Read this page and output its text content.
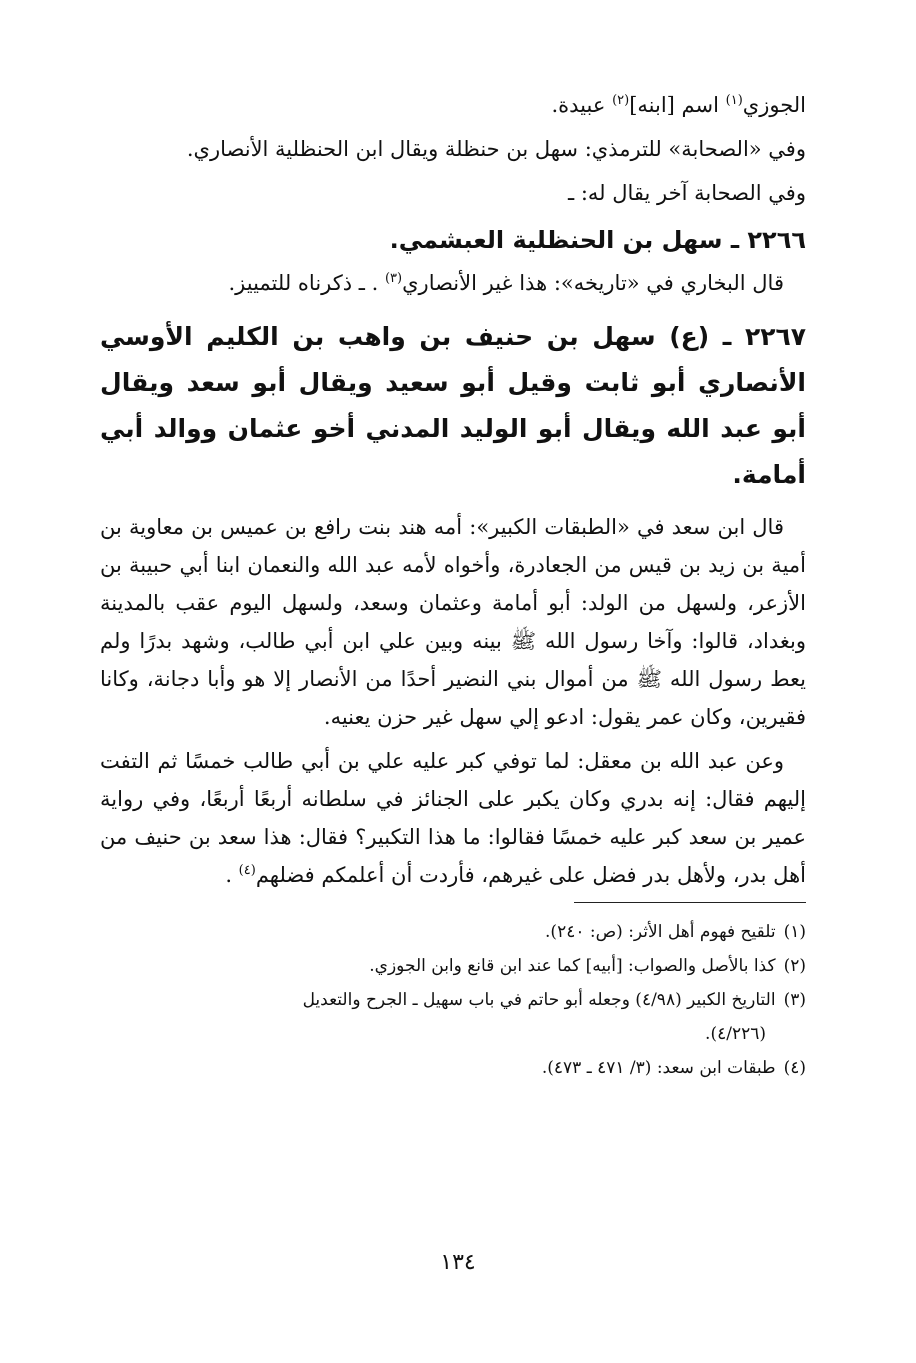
الجوزي$^{(١)}$ اسم [ابنه]$^{(٢)}$ عبيدة.

وفي «الصحابة» للترمذي: سهل بن حنظلة ويقال ابن الحنظلية الأنصاري.

وفي الصحابة آخر يقال له: ـ

٢٢٦٦ ـ سهل بن الحنظلية العبشمي.

قال البخاري في «تاريخه»: هذا غير الأنصاري$^{(٣)}$ . ـ ذكرناه للتمييز.

٢٢٦٧ ـ (ع) سهل بن حنيف بن واهب بن الكليم الأوسي الأنصاري أبو ثابت وقيل أبو سعيد ويقال أبو سعد ويقال أبو عبد الله ويقال أبو الوليد المدني أخو عثمان ووالد أبي أمامة.

قال ابن سعد في «الطبقات الكبير»: أمه هند بنت رافع بن عميس بن معاوية بن أمية بن زيد بن قيس من الجعادرة، وأخواه لأمه عبد الله والنعمان ابنا أبي حبيبة بن الأزعر، ولسهل من الولد: أبو أمامة وعثمان وسعد، ولسهل اليوم عقب بالمدينة وبغداد، قالوا: وآخا رسول الله ﷺ بينه وبين علي ابن أبي طالب، وشهد بدرًا ولم يعط رسول الله ﷺ من أموال بني النضير أحدًا من الأنصار إلا هو وأبا دجانة، وكانا فقيرين، وكان عمر يقول: ادعو إلي سهل غير حزن يعنيه.

وعن عبد الله بن معقل: لما توفي كبر عليه علي بن أبي طالب خمسًا ثم التفت إليهم فقال: إنه بدري وكان يكبر على الجنائز في سلطانه أربعًا أربعًا، وفي رواية عمير بن سعد كبر عليه خمسًا فقالوا: ما هذا التكبير؟ فقال: هذا سعد بن حنيف من أهل بدر، ولأهل بدر فضل على غيرهم، فأردت أن أعلمكم فضلهم$^{(٤)}$ .

(١)تلقيح فهوم أهل الأثر: (ص: ٢٤٠).

(٢)كذا بالأصل والصواب: [أبيه] كما عند ابن قانع وابن الجوزي.

(٣)التاريخ الكبير (٤/٩٨) وجعله أبو حاتم في باب سهيل ـ الجرح والتعديل

(٤/٢٢٦).

(٤)طبقات ابن سعد: (٣/ ٤٧١ ـ ٤٧٣).

١٣٤
